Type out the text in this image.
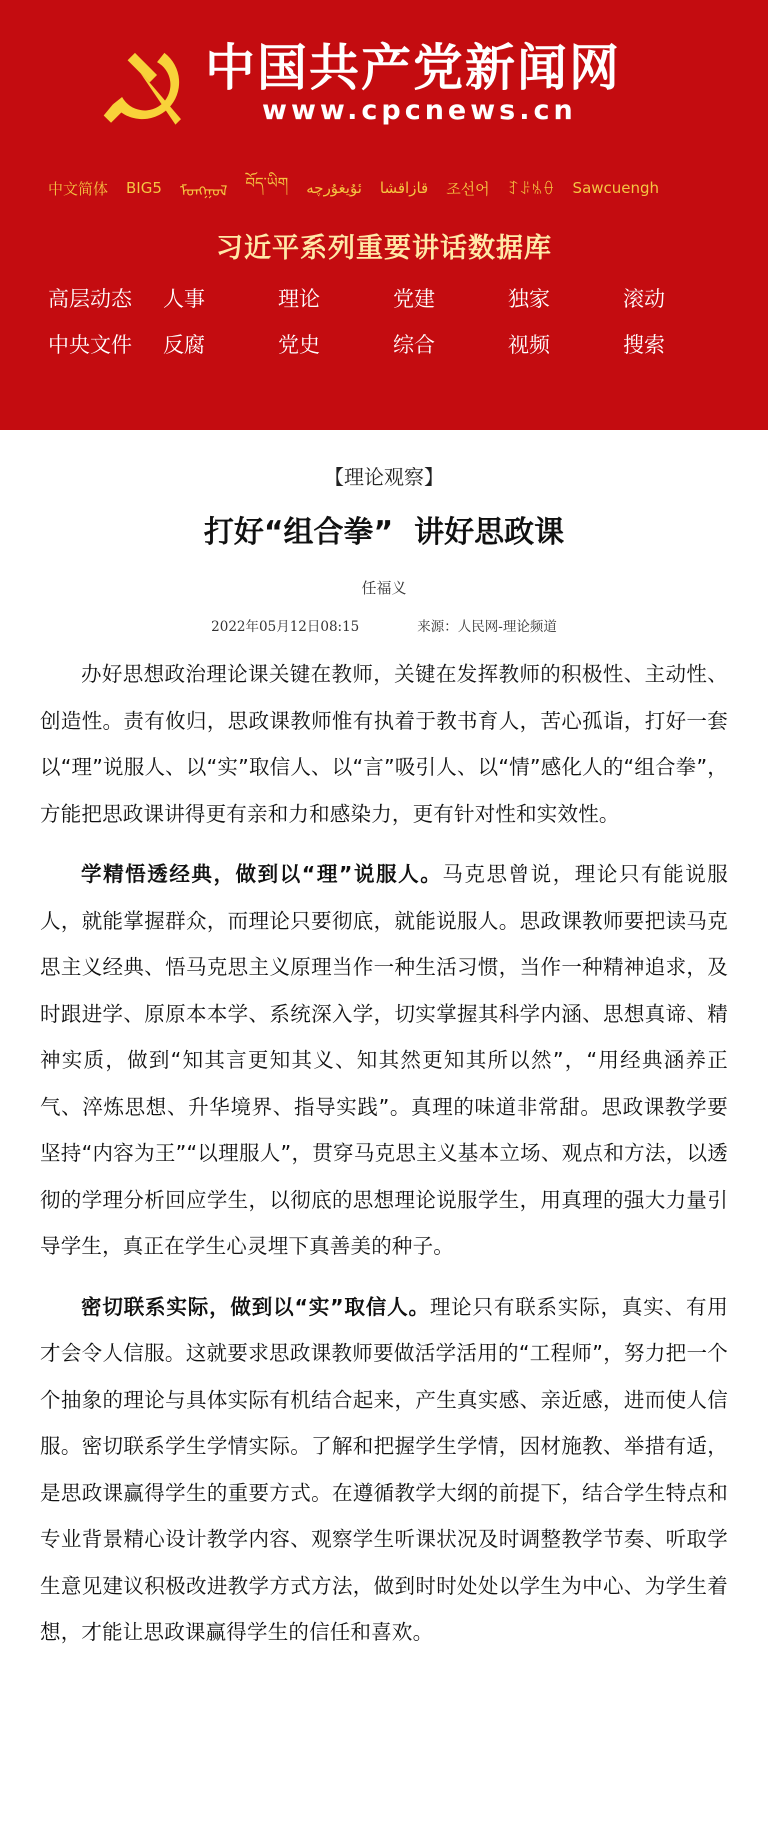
中国共产党新闻网
www.cpcnews.cn
中文简体 BIG5 ᠮᠣᠩᠭᠣᠯ བོད་ཡིག ئۇيغۇرچە قازاقشا 조선어 ꆈꌠꁱꂷ Sawcuengh
习近平系列重要讲话数据库
高层动态	人事	理论	党建	独家	滚动
中央文件	反腐	党史	综合	视频	搜索
【理论观察】
打好“组合拳”  讲好思政课
任福义
2022年05月12日08:15	来源：人民网-理论频道

办好思想政治理论课关键在教师，关键在发挥教师的积极性、主动性、创造性。责有攸归，思政课教师惟有执着于教书育人，苦心孤诣，打好一套以“理”说服人、以“实”取信人、以“言”吸引人、以“情”感化人的“组合拳”，方能把思政课讲得更有亲和力和感染力，更有针对性和实效性。

学精悟透经典，做到以“理”说服人。马克思曾说，理论只有能说服人，就能掌握群众，而理论只要彻底，就能说服人。思政课教师要把读马克思主义经典、悟马克思主义原理当作一种生活习惯，当作一种精神追求，及时跟进学、原原本本学、系统深入学，切实掌握其科学内涵、思想真谛、精神实质，做到“知其言更知其义、知其然更知其所以然”，“用经典涵养正气、淬炼思想、升华境界、指导实践”。真理的味道非常甜。思政课教学要坚持“内容为王”“以理服人”，贯穿马克思主义基本立场、观点和方法，以透彻的学理分析回应学生，以彻底的思想理论说服学生，用真理的强大力量引导学生，真正在学生心灵埋下真善美的种子。

密切联系实际，做到以“实”取信人。理论只有联系实际，真实、有用才会令人信服。这就要求思政课教师要做活学活用的“工程师”，努力把一个个抽象的理论与具体实际有机结合起来，产生真实感、亲近感，进而使人信服。密切联系学生学情实际。了解和把握学生学情，因材施教、举措有适，是思政课赢得学生的重要方式。在遵循教学大纲的前提下，结合学生特点和专业背景精心设计教学内容、观察学生听课状况及时调整教学节奏、听取学生意见建议积极改进教学方式方法，做到时时处处以学生为中心、为学生着想，才能让思政课赢得学生的信任和喜欢。
